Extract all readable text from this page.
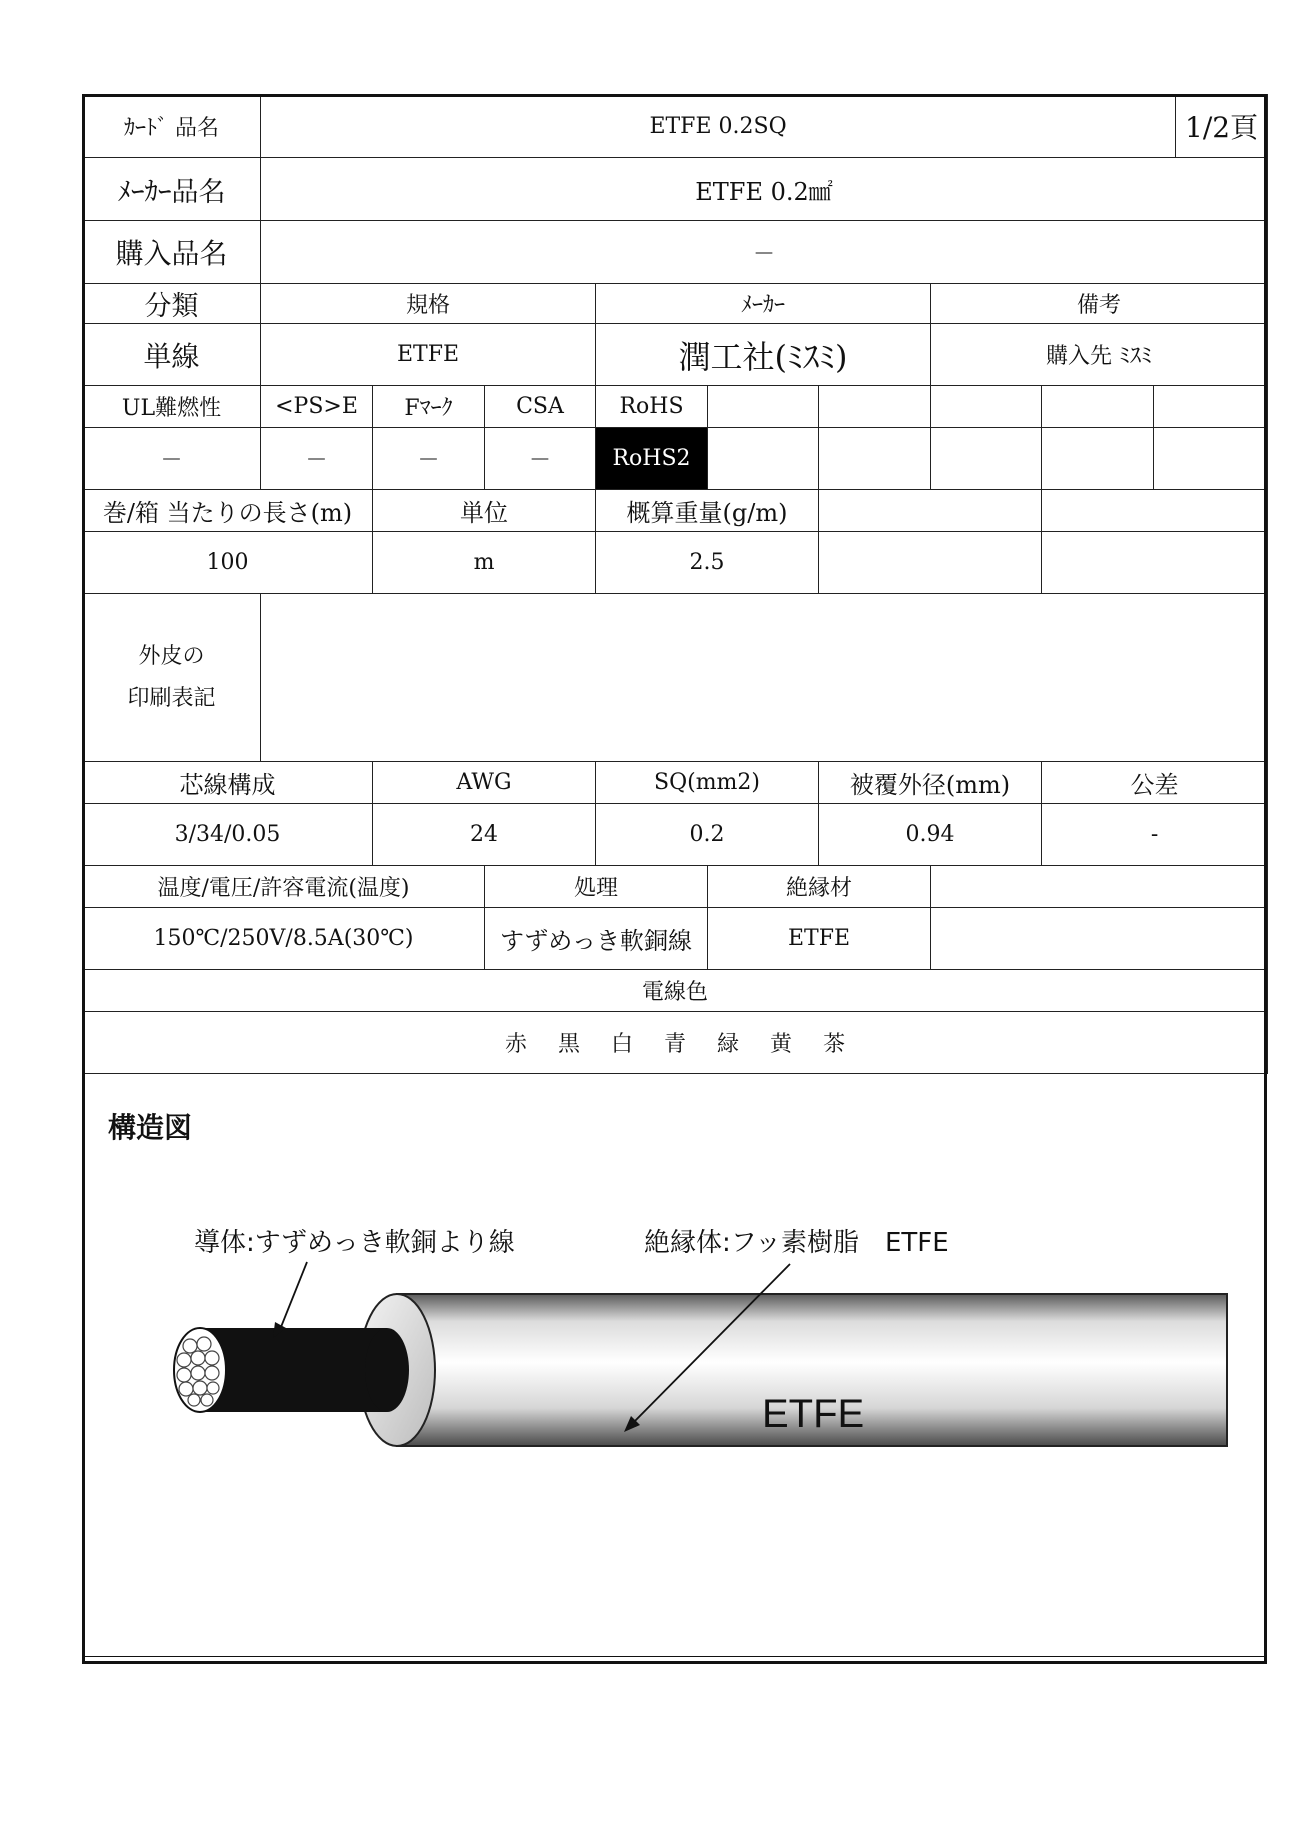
ｶｰﾄﾞ 品名	ETFE 0.2SQ									1/2頁
ﾒｰｶｰ品名	ETFE 0.2㎟									
購入品名	－									
分類	規格			ﾒｰｶｰ			備考			
単線	ETFE			潤工社(ﾐｽﾐ)			購入先 ﾐｽﾐ			
UL難燃性	<PS>E	Fﾏｰｸ	CSA	RoHS						
－	－	－	－	RoHS2						
巻/箱 当たりの長さ(m)		単位		概算重量(g/m)						
100		m		2.5						

外皮の
印刷表記										

芯線構成		AWG		SQ(mm2)		被覆外径(mm)		公差		
3/34/0.05		24		0.2		0.94		-		
温度/電圧/許容電流(温度)			処理		絶縁材					
150℃/250V/8.5A(30℃)			すずめっき軟銅線		ETFE					
電線色										
赤 黒 白 青 緑 黄 茶										
構造図
導体:すずめっき軟銅より線	絶縁体:フッ素樹脂　ETFE
ETFE
